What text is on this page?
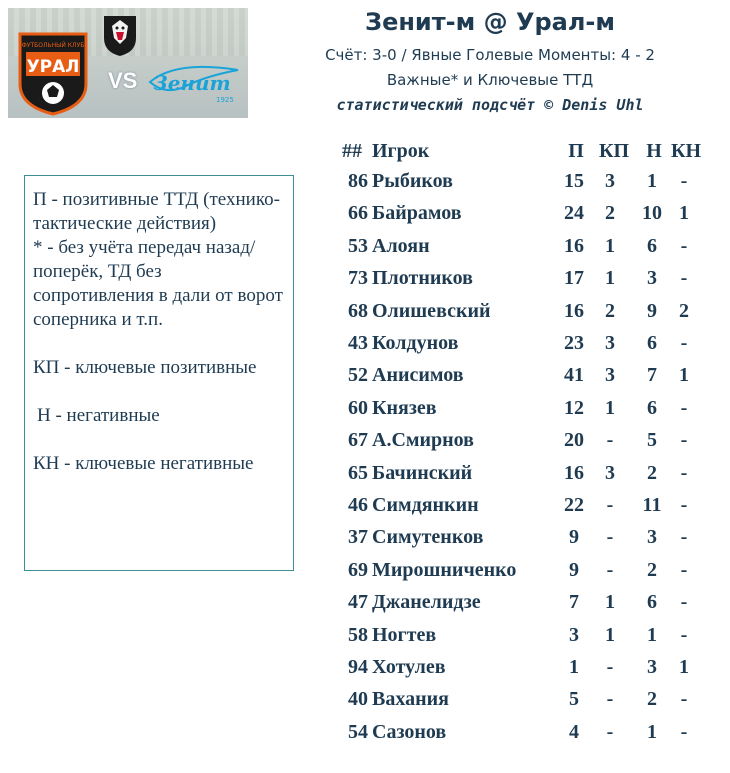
ФУТБОЛЬНЫЙ КЛУБ
УРАЛ
VS Зенит
1925
Зенит-м @ Урал-м
Счёт: 3-0 / Явные Голевые Моменты: 4 - 2
Важные* и Ключевые ТТД
статистический подсчёт © Denis Uhl

П - позитивные ТТД (технико-тактические действия)

* - без учёта передач назад/поперёк, ТД без сопротивления в дали от ворот соперника и т.п.

КП - ключевые позитивные

Н - негативные

КН - ключевые негативные

## Игрок	П КП Н КН
86 Рыбиков	15	3	1	-
66 Байрамов	24	2	10 1
53 Алоян	16	1	6	-
73 Плотников	17	1	3	-
68 Олишевский	16	2	9	2
43 Колдунов	23	3	6	-
52 Анисимов	41	3	7	1
60 Князев	12	1	6	-
67 А.Смирнов	20	-	5	-
65 Бачинский	16	3	2	-
46 Симдянкин	22	-	11 -
37 Симутенков	9	-	3	-
69 Мирошниченко	9	-	2	-
47 Джанелидзе	7	1	6	-
58 Ногтев	3	1	1	-
94 Хотулев	1	-	3	1
40 Вахания	5	-	2	-
54 Сазонов	4	-	1	-
